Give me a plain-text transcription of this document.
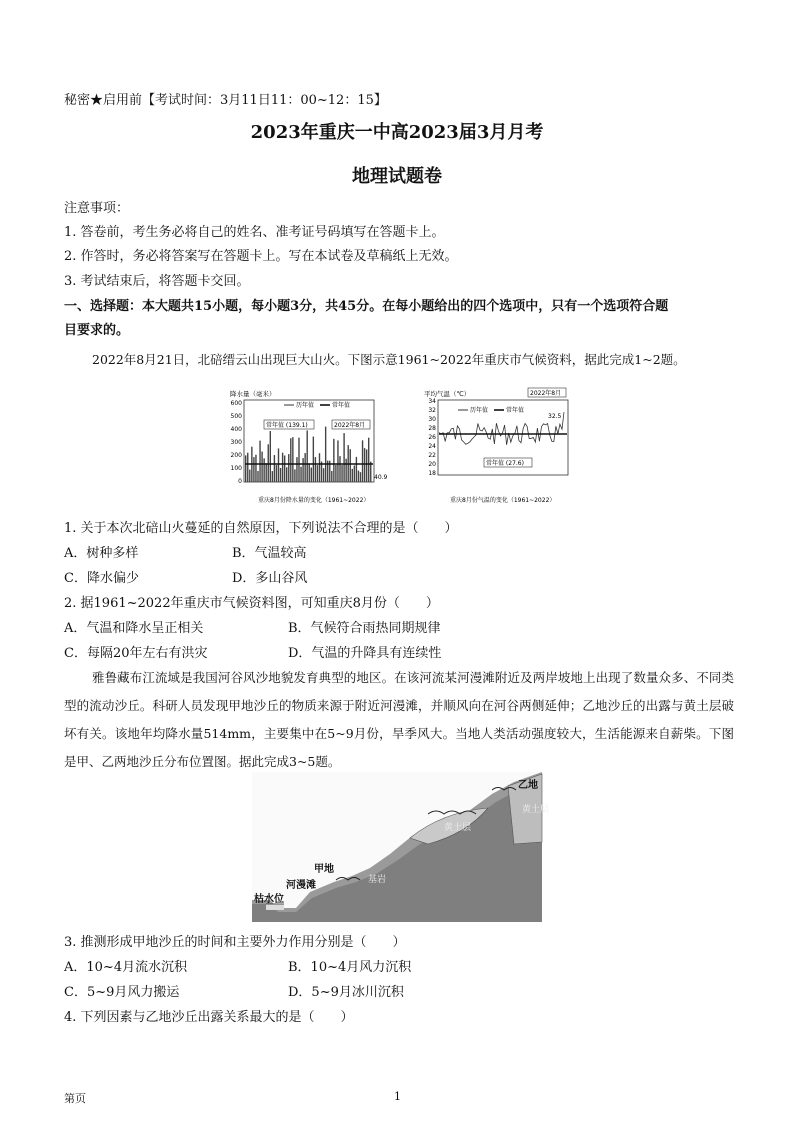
秘密★启用前【考试时间：3月11日11：00~12：15】
2023年重庆一中高2023届3月月考
地理试题卷
注意事项：
1. 答卷前，考生务必将自己的姓名、准考证号码填写在答题卡上。
2. 作答时，务必将答案写在答题卡上。写在本试卷及草稿纸上无效。
3. 考试结束后，将答题卡交回。
一、选择题：本大题共15小题，每小题3分，共45分。在每小题给出的四个选项中，只有一个选项符合题
目要求的。
2022年8月21日，北碚缙云山出现巨大山火。下图示意1961~2022年重庆市气候资料，据此完成1~2题。
降水量（毫米）
600
500
400
300
200
100
0
历年值	常年值
常年值 (139.1)	2022年8月
40.9
重庆8月份降水量的变化（1961~2022）
平均气温（℃）
34
32
30
28
26
24
22
20
18
历年值	常年值
2022年8月
32.5
常年值 (27.6)
重庆8月份气温的变化（1961~2022）
1. 关于本次北碚山火蔓延的自然原因，下列说法不合理的是（　　）
A．树种多样	B．气温较高
C．降水偏少	D．多山谷风
2. 据1961~2022年重庆市气候资料图，可知重庆8月份（　　）
A．气温和降水呈正相关	B．气候符合雨热同期规律
C．每隔20年左右有洪灾	D．气温的升降具有连续性
雅鲁藏布江流域是我国河谷风沙地貌发育典型的地区。在该河流某河漫滩附近及两岸坡地上出现了数量众多、不同类型的流动沙丘。科研人员发现甲地沙丘的物质来源于附近河漫滩，并顺风向在河谷两侧延伸；乙地沙丘的出露与黄土层破坏有关。该地年均降水量514mm，主要集中在5~9月份，旱季风大。当地人类活动强度较大，生活能源来自薪柴。下图是甲、乙两地沙丘分布位置图。据此完成3~5题。
乙地
甲地
河漫滩
枯水位
黄土层
黄土层
基岩
3. 推测形成甲地沙丘的时间和主要外力作用分别是（　　）
A．10~4月流水沉积	B．10~4月风力沉积
C．5~9月风力搬运	D．5~9月冰川沉积
4. 下列因素与乙地沙丘出露关系最大的是（　　）
第页	1
